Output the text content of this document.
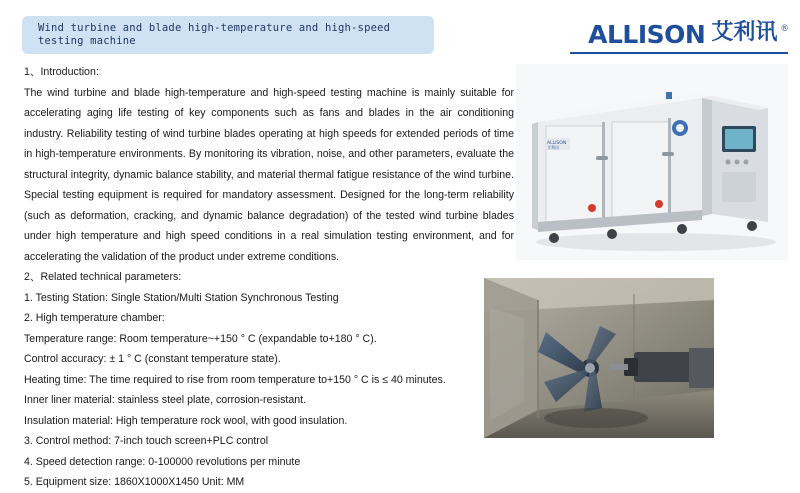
Wind turbine and blade high-temperature and high-speed testing machine	ALLISON 艾利讯 ®

1、Introduction:

The wind turbine and blade high-temperature and high-speed testing machine is mainly suitable for accelerating aging life testing of key components such as fans and blades in the air conditioning industry. Reliability testing of wind turbine blades operating at high speeds for extended periods of time in high-temperature environments. By monitoring its vibration, noise, and other parameters, evaluate the structural integrity, dynamic balance stability, and material thermal fatigue resistance of the wind turbine. Special testing equipment is required for mandatory assessment. Designed for the long-term reliability (such as deformation, cracking, and dynamic balance degradation) of the tested wind turbine blades under high temperature and high speed conditions in a real simulation testing environment, and for accelerating the validation of the product under extreme conditions.

2、Related technical parameters:

1. Testing Station: Single Station/Multi Station Synchronous Testing

2. High temperature chamber:

Temperature range: Room temperature~+150 ° C (expandable to+180 ° C).

Control accuracy: ± 1 ° C (constant temperature state).

Heating time: The time required to rise from room temperature to+150 ° C is ≤ 40 minutes.

Inner liner material: stainless steel plate, corrosion-resistant.

Insulation material: High temperature rock wool, with good insulation.

3. Control method: 7-inch touch screen+PLC control

4. Speed detection range: 0-100000 revolutions per minute

5. Equipment size: 1860X1000X1450 Unit: MM

ALLISON
艾利讯
